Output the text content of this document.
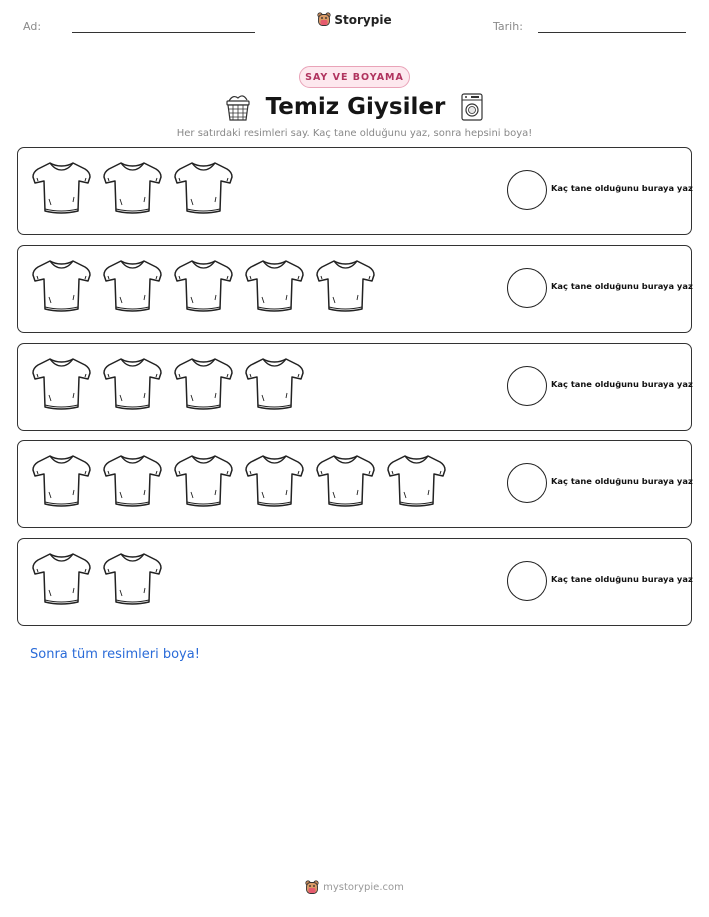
Ad:	Storypie	Tarih:
SAY VE BOYAMA
Temiz Giysiler

Her satırdaki resimleri say. Kaç tane olduğunu yaz, sonra hepsini boya!

Kaç tane olduğunu buraya yaz
Kaç tane olduğunu buraya yaz
Kaç tane olduğunu buraya yaz
Kaç tane olduğunu buraya yaz
Kaç tane olduğunu buraya yaz

Sonra tüm resimleri boya!

mystorypie.com
